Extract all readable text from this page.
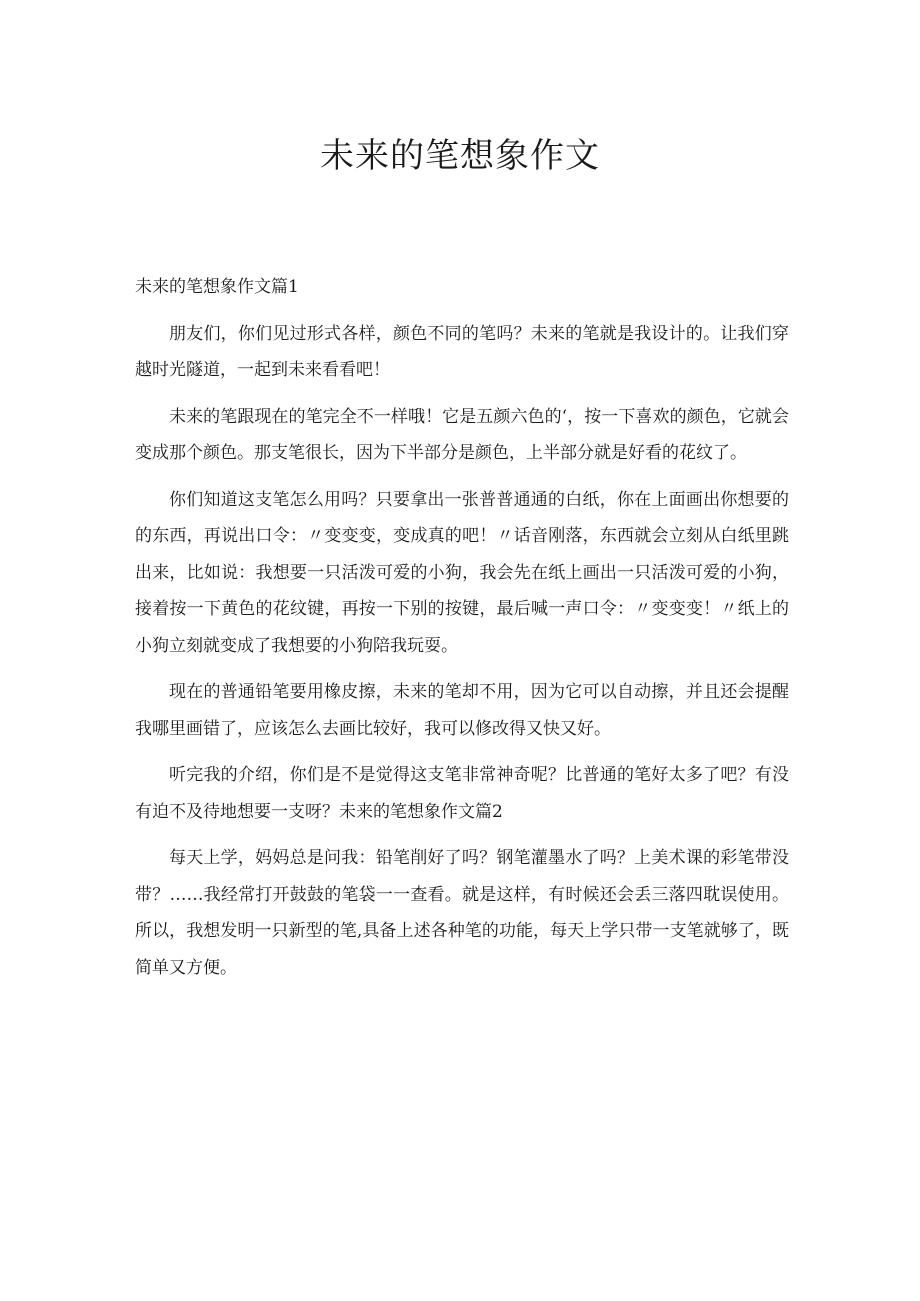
未来的笔想象作文

未来的笔想象作文篇1

朋友们，你们见过形式各样，颜色不同的笔吗？未来的笔就是我设计的。让我们穿越时光隧道，一起到未来看看吧！

未来的笔跟现在的笔完全不一样哦！它是五颜六色的‘，按一下喜欢的颜色，它就会变成那个颜色。那支笔很长，因为下半部分是颜色，上半部分就是好看的花纹了。

你们知道这支笔怎么用吗？只要拿出一张普普通通的白纸，你在上面画出你想要的的东西，再说出口令：〃变变变，变成真的吧！〃话音刚落，东西就会立刻从白纸里跳出来，比如说：我想要一只活泼可爱的小狗，我会先在纸上画出一只活泼可爱的小狗，接着按一下黄色的花纹键，再按一下别的按键，最后喊一声口令：〃变变变！〃纸上的小狗立刻就变成了我想要的小狗陪我玩耍。

现在的普通铅笔要用橡皮擦，未来的笔却不用，因为它可以自动擦，并且还会提醒我哪里画错了，应该怎么去画比较好，我可以修改得又快又好。

听完我的介绍，你们是不是觉得这支笔非常神奇呢？比普通的笔好太多了吧？有没有迫不及待地想要一支呀？未来的笔想象作文篇2

每天上学，妈妈总是问我：铅笔削好了吗？钢笔灌墨水了吗？上美术课的彩笔带没带？……我经常打开鼓鼓的笔袋一一查看。就是这样，有时候还会丢三落四耽误使用。所以，我想发明一只新型的笔,具备上述各种笔的功能，每天上学只带一支笔就够了，既简单又方便。
